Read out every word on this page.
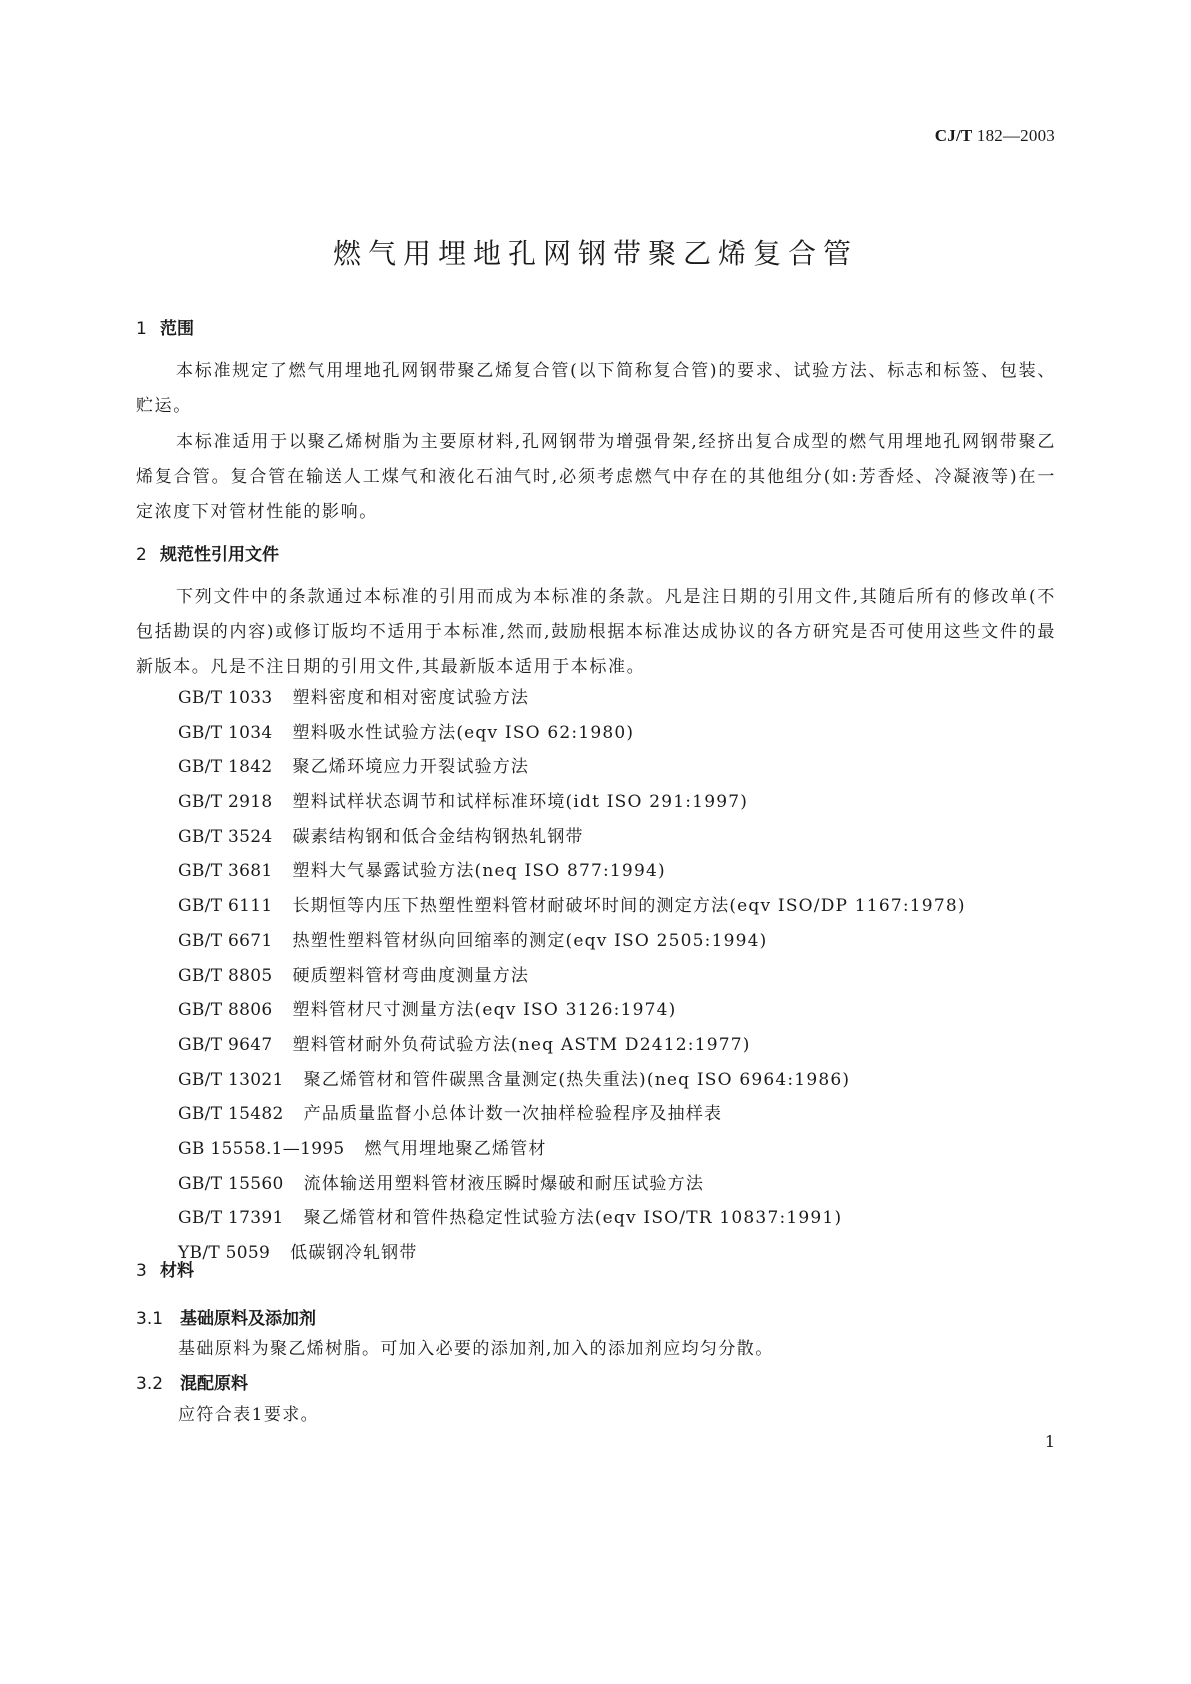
CJ/T 182—2003
燃气用埋地孔网钢带聚乙烯复合管
1 范围
本标准规定了燃气用埋地孔网钢带聚乙烯复合管(以下简称复合管)的要求、试验方法、标志和标签、包装、贮运。
本标准适用于以聚乙烯树脂为主要原材料,孔网钢带为增强骨架,经挤出复合成型的燃气用埋地孔网钢带聚乙烯复合管。复合管在输送人工煤气和液化石油气时,必须考虑燃气中存在的其他组分(如:芳香烃、冷凝液等)在一定浓度下对管材性能的影响。
2 规范性引用文件
下列文件中的条款通过本标准的引用而成为本标准的条款。凡是注日期的引用文件,其随后所有的修改单(不包括勘误的内容)或修订版均不适用于本标准,然而,鼓励根据本标准达成协议的各方研究是否可使用这些文件的最新版本。凡是不注日期的引用文件,其最新版本适用于本标准。
GB/T 1033 塑料密度和相对密度试验方法
GB/T 1034 塑料吸水性试验方法(eqv ISO 62:1980)
GB/T 1842 聚乙烯环境应力开裂试验方法
GB/T 2918 塑料试样状态调节和试样标准环境(idt ISO 291:1997)
GB/T 3524 碳素结构钢和低合金结构钢热轧钢带
GB/T 3681 塑料大气暴露试验方法(neq ISO 877:1994)
GB/T 6111 长期恒等内压下热塑性塑料管材耐破坏时间的测定方法(eqv ISO/DP 1167:1978)
GB/T 6671 热塑性塑料管材纵向回缩率的测定(eqv ISO 2505:1994)
GB/T 8805 硬质塑料管材弯曲度测量方法
GB/T 8806 塑料管材尺寸测量方法(eqv ISO 3126:1974)
GB/T 9647 塑料管材耐外负荷试验方法(neq ASTM D2412:1977)
GB/T 13021 聚乙烯管材和管件碳黑含量测定(热失重法)(neq ISO 6964:1986)
GB/T 15482 产品质量监督小总体计数一次抽样检验程序及抽样表
GB 15558.1—1995 燃气用埋地聚乙烯管材
GB/T 15560 流体输送用塑料管材液压瞬时爆破和耐压试验方法
GB/T 17391 聚乙烯管材和管件热稳定性试验方法(eqv ISO/TR 10837:1991)
YB/T 5059 低碳钢冷轧钢带
3 材料
3.1 基础原料及添加剂
基础原料为聚乙烯树脂。可加入必要的添加剂,加入的添加剂应均匀分散。
3.2 混配原料
应符合表1要求。
1
